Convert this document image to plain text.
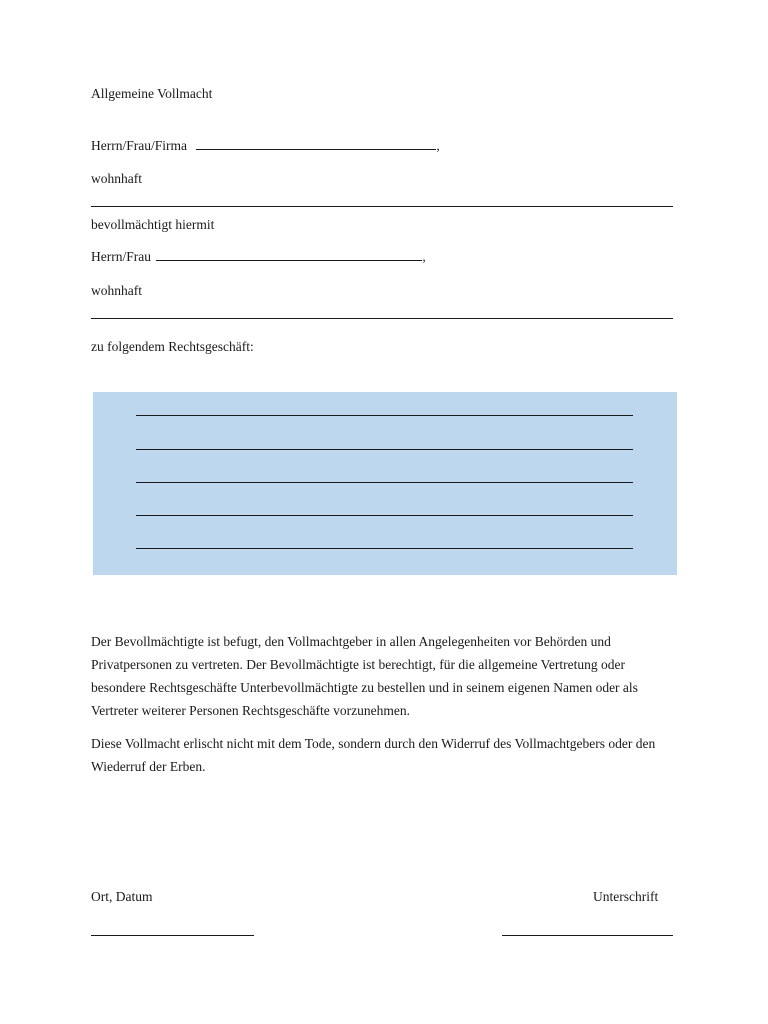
Allgemeine Vollmacht
Herrn/Frau/Firma	,
wohnhaft
bevollmächtigt hiermit
Herrn/Frau	,
wohnhaft
zu folgendem Rechtsgeschäft:
Der Bevollmächtigte ist befugt, den Vollmachtgeber in allen Angelegenheiten vor Behörden und Privatpersonen zu vertreten. Der Bevollmächtigte ist berechtigt, für die allgemeine Vertretung oder besondere Rechtsgeschäfte Unterbevollmächtigte zu bestellen und in seinem eigenen Namen oder als Vertreter weiterer Personen Rechtsgeschäfte vorzunehmen.
Diese Vollmacht erlischt nicht mit dem Tode, sondern durch den Widerruf des Vollmachtgebers oder den Wiederruf der Erben.
Ort, Datum	Unterschrift
